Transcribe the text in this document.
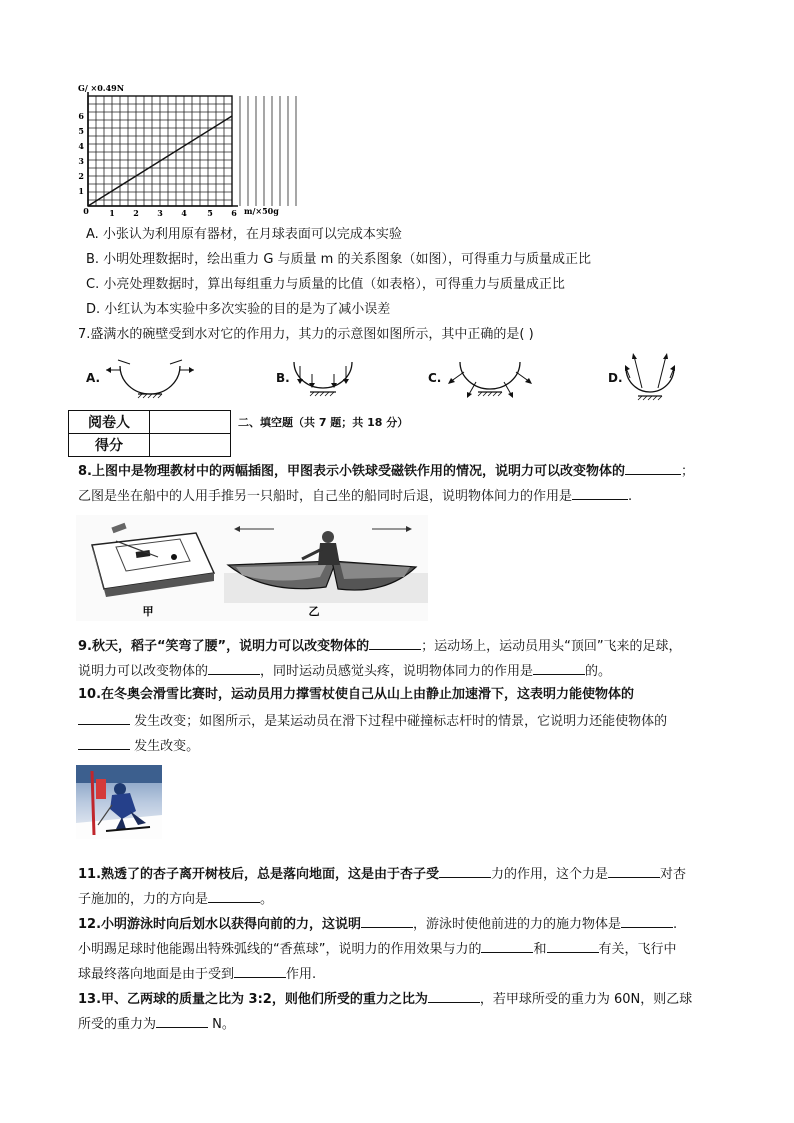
G/ ×0.49N
6
5
4
3
2
1
0	1 2 3 4	5 6 m/×50g
A. 小张认为利用原有器材，在月球表面可以完成本实验
B. 小明处理数据时，绘出重力 G 与质量 m 的关系图象（如图），可得重力与质量成正比
C. 小亮处理数据时，算出每组重力与质量的比值（如表格），可得重力与质量成正比
D. 小红认为本实验中多次实验的目的是为了减小误差
7.盛满水的碗壁受到水对它的作用力，其力的示意图如图所示，其中正确的是( )
A.	B.	C.	D.
阅卷人	
得分	
二、填空题（共 7 题；共 18 分）
8.上图中是物理教材中的两幅插图，甲图表示小铁球受磁铁作用的情况，说明力可以改变物体的	；
乙图是坐在船中的人用手推另一只船时，自己坐的船同时后退，说明物体间力的作用是	.
甲	乙
9.秋天，稻子“笑弯了腰”，说明力可以改变物体的	；运动场上，运动员用头“顶回”飞来的足球，
说明力可以改变物体的	，同时运动员感觉头疼，说明物体同力的作用是	的。
10.在冬奥会滑雪比赛时，运动员用力撑雪杖使自己从山上由静止加速滑下，这表明力能使物体的
发生改变；如图所示，是某运动员在滑下过程中碰撞标志杆时的情景，它说明力还能使物体的
发生改变。
11.熟透了的杏子离开树枝后，总是落向地面，这是由于杏子受	力的作用，这个力是	对杏
子施加的，力的方向是	。
12.小明游泳时向后划水以获得向前的力，这说明	，游泳时使他前进的力的施力物体是	.
小明踢足球时他能踢出特殊弧线的“香蕉球”，说明力的作用效果与力的	和	有关，飞行中
球最终落向地面是由于受到	作用.
13.甲、乙两球的质量之比为 3:2，则他们所受的重力之比为	，若甲球所受的重力为 60N，则乙球
所受的重力为	N。
